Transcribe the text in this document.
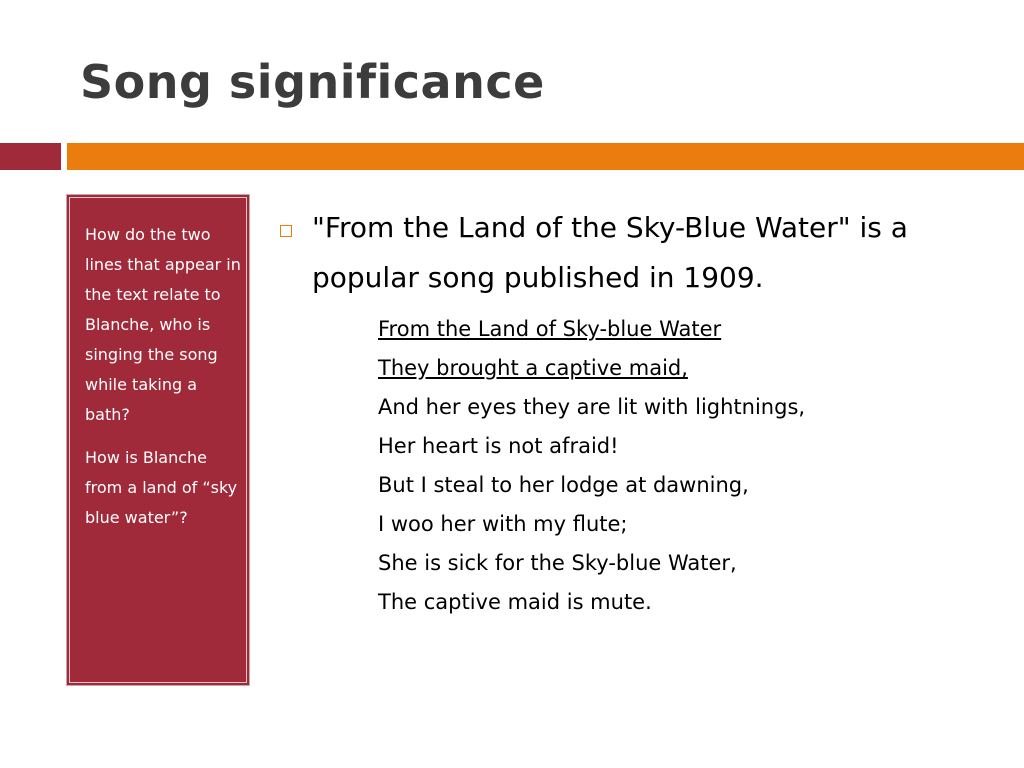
Song significance

How do the two lines that appear in the text relate to Blanche, who is singing the song while taking a bath?

How is Blanche from a land of “sky blue water”?

"From the Land of the Sky-Blue Water" is a popular song published in 1909.
From the Land of Sky-blue Water
They brought a captive maid,
And her eyes they are lit with lightnings,
Her heart is not afraid!
But I steal to her lodge at dawning,
I woo her with my flute;
She is sick for the Sky-blue Water,
The captive maid is mute.
